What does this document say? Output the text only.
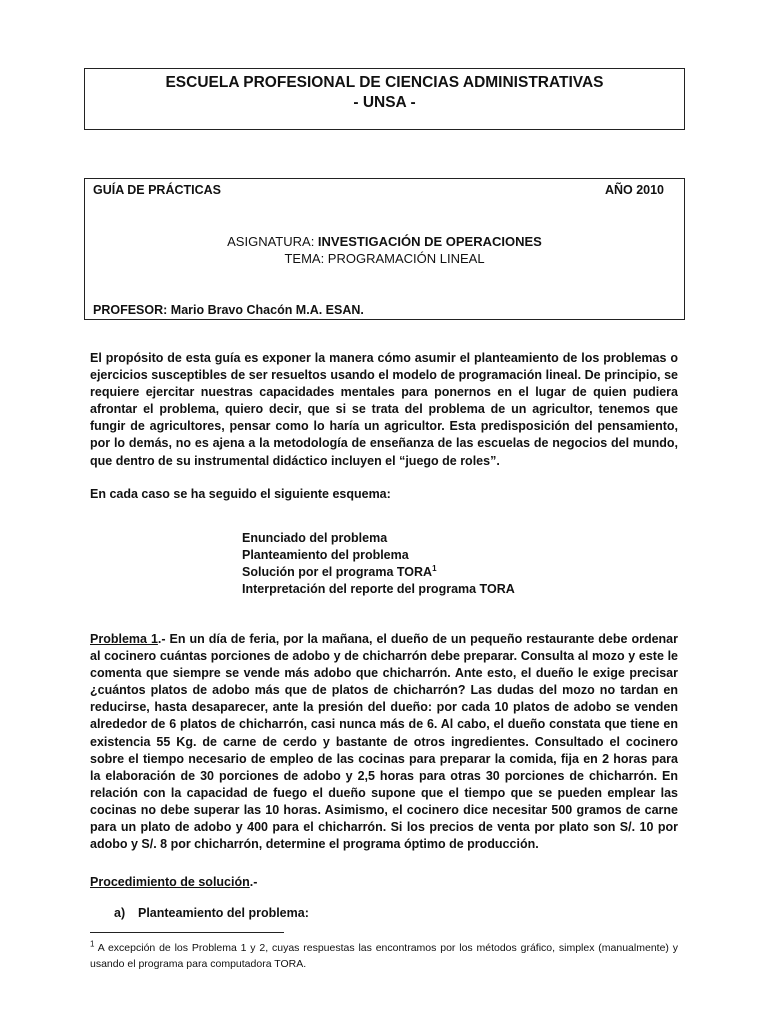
ESCUELA PROFESIONAL DE CIENCIAS ADMINISTRATIVAS
- UNSA -
GUÍA DE PRÁCTICAS	AÑO 2010
ASIGNATURA: INVESTIGACIÓN DE OPERACIONES
TEMA: PROGRAMACIÓN LINEAL
PROFESOR: Mario Bravo Chacón M.A. ESAN.
El propósito de esta guía es exponer la manera cómo asumir el planteamiento de los problemas o ejercicios susceptibles de ser resueltos usando el modelo de programación lineal. De principio, se requiere ejercitar nuestras capacidades mentales para ponernos en el lugar de quien pudiera afrontar el problema, quiero decir, que si se trata del problema de un agricultor, tenemos que fungir de agricultores, pensar como lo haría un agricultor. Esta predisposición del pensamiento, por lo demás, no es ajena a la metodología de enseñanza de las escuelas de negocios del mundo, que dentro de su instrumental didáctico incluyen el “juego de roles”.
En cada caso se ha seguido el siguiente esquema:
Enunciado del problema
Planteamiento del problema
Solución por el programa TORA$^1$
Interpretación del reporte del programa TORA
Problema 1.- En un día de feria, por la mañana, el dueño de un pequeño restaurante debe ordenar al cocinero cuántas porciones de adobo y de chicharrón debe preparar. Consulta al mozo y este le comenta que siempre se vende más adobo que chicharrón. Ante esto, el dueño le exige precisar ¿cuántos platos de adobo más que de platos de chicharrón? Las dudas del mozo no tardan en reducirse, hasta desaparecer, ante la presión del dueño: por cada 10 platos de adobo se venden alrededor de 6 platos de chicharrón, casi nunca más de 6. Al cabo, el dueño constata que tiene en existencia 55 Kg. de carne de cerdo y bastante de otros ingredientes. Consultado el cocinero sobre el tiempo necesario de empleo de las cocinas para preparar la comida, fija en 2 horas para la elaboración de 30 porciones de adobo y 2,5 horas para otras 30 porciones de chicharrón. En relación con la capacidad de fuego el dueño supone que el tiempo que se pueden emplear las cocinas no debe superar las 10 horas. Asimismo, el cocinero dice necesitar 500 gramos de carne para un plato de adobo y 400 para el chicharrón. Si los precios de venta por plato son S/. 10 por adobo y S/. 8 por chicharrón, determine el programa óptimo de producción.
Procedimiento de solución.-
a) Planteamiento del problema:
$^1$ A excepción de los Problema 1 y 2, cuyas respuestas las encontramos por los métodos gráfico, simplex (manualmente) y usando el programa para computadora TORA.
